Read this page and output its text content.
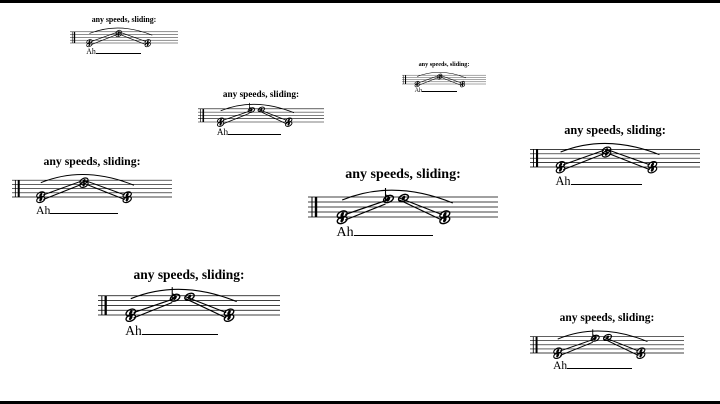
any speeds, sliding:
Ah
any speeds, sliding:
Ah
any speeds, sliding:
Ah
any speeds, sliding:
Ah
any speeds, sliding:
Ah
any speeds, sliding:
Ah
any speeds, sliding:
Ah
any speeds, sliding:
Ah
